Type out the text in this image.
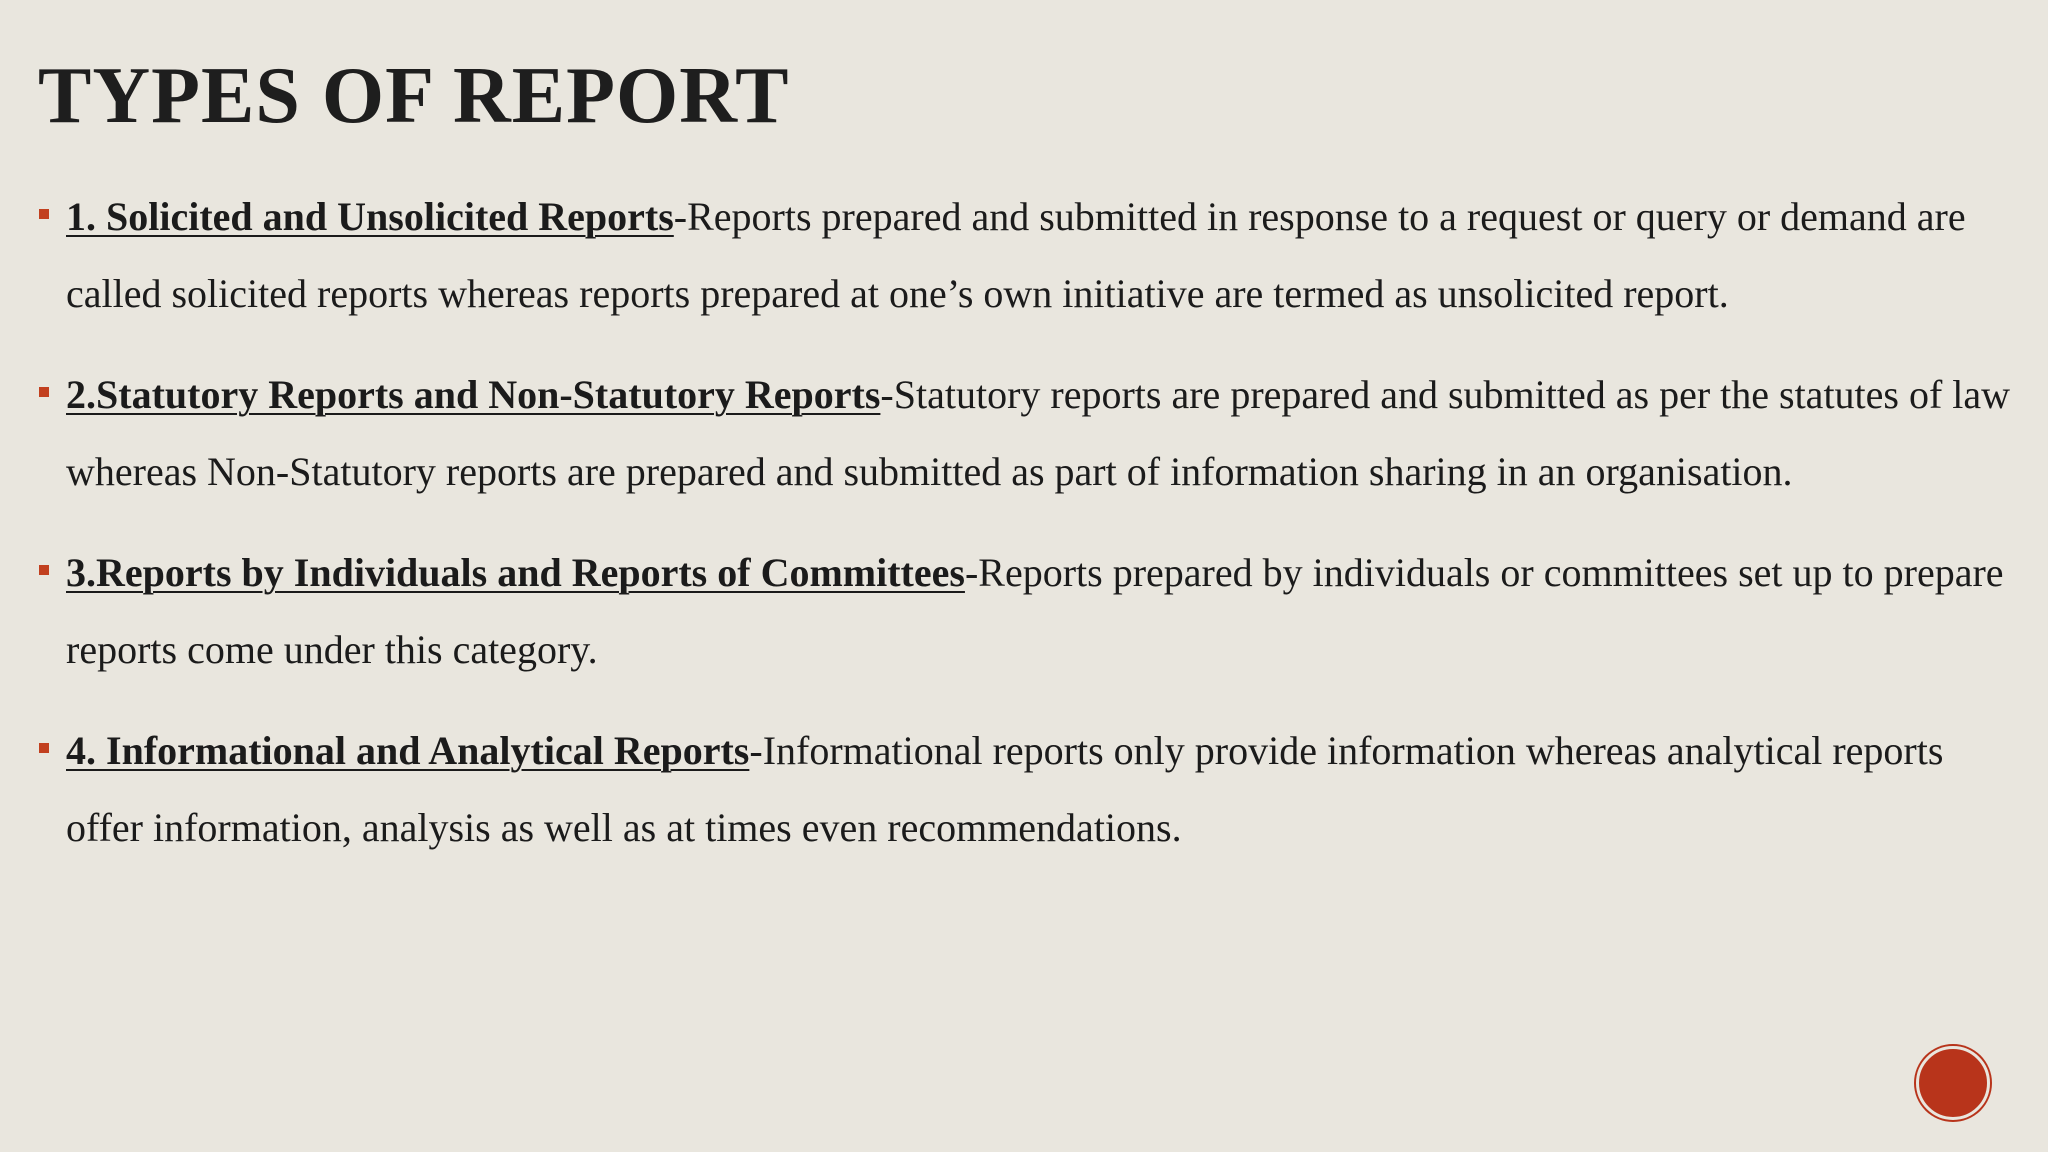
TYPES OF REPORT
1. Solicited and Unsolicited Reports-Reports prepared and submitted in response to a request or query or demand are called solicited reports whereas reports prepared at one’s own initiative are termed as unsolicited report.
2.Statutory Reports and Non-Statutory Reports-Statutory reports are prepared and submitted as per the statutes of law whereas Non-Statutory reports are prepared and submitted as part of information sharing in an organisation.
3.Reports by Individuals and Reports of Committees-Reports prepared by individuals or committees set up to prepare reports come under this category.
4. Informational and Analytical Reports-Informational reports only provide information whereas analytical reports offer information, analysis as well as at times even recommendations.
